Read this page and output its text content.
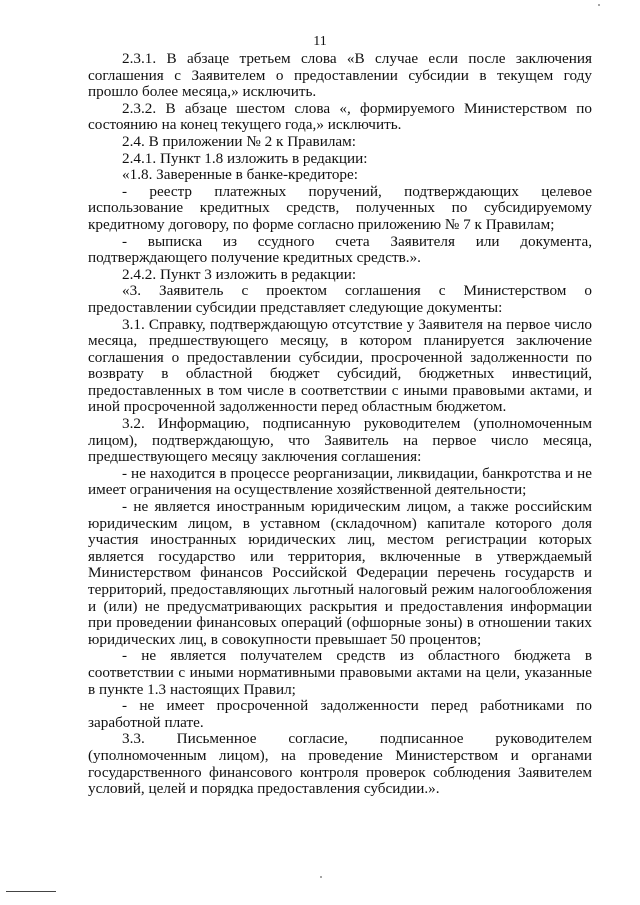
11

2.3.1. В абзаце третьем слова «В случае если после заключения соглашения с Заявителем о предоставлении субсидии в текущем году прошло более месяца,» исключить.

2.3.2. В абзаце шестом слова «, формируемого Министерством по состоянию на конец текущего года,» исключить.

2.4. В приложении № 2 к Правилам:

2.4.1. Пункт 1.8 изложить в редакции:

«1.8. Заверенные в банке-кредиторе:

- реестр платежных поручений, подтверждающих целевое использование кредитных средств, полученных по субсидируемому кредитному договору, по форме согласно приложению № 7 к Правилам;

- выписка из ссудного счета Заявителя или документа, подтверждающего получение кредитных средств.».

2.4.2. Пункт 3 изложить в редакции:

«3. Заявитель с проектом соглашения с Министерством о предоставлении субсидии представляет следующие документы:

3.1. Справку, подтверждающую отсутствие у Заявителя на первое число месяца, предшествующего месяцу, в котором планируется заключение соглашения о предоставлении субсидии, просроченной задолженности по возврату в областной бюджет субсидий, бюджетных инвестиций, предоставленных в том числе в соответствии с иными правовыми актами, и иной просроченной задолженности перед областным бюджетом.

3.2. Информацию, подписанную руководителем (уполномоченным лицом), подтверждающую, что Заявитель на первое число месяца, предшествующего месяцу заключения соглашения:

- не находится в процессе реорганизации, ликвидации, банкротства и не имеет ограничения на осуществление хозяйственной деятельности;

- не является иностранным юридическим лицом, а также российским юридическим лицом, в уставном (складочном) капитале которого доля участия иностранных юридических лиц, местом регистрации которых является государство или территория, включенные в утверждаемый Министерством финансов Российской Федерации перечень государств и территорий, предоставляющих льготный налоговый режим налогообложения и (или) не предусматривающих раскрытия и предоставления информации при проведении финансовых операций (офшорные зоны) в отношении таких юридических лиц, в совокупности превышает 50 процентов;

- не является получателем средств из областного бюджета в соответствии с иными нормативными правовыми актами на цели, указанные в пункте 1.3 настоящих Правил;

- не имеет просроченной задолженности перед работниками по заработной плате.

3.3. Письменное согласие, подписанное руководителем (уполномоченным лицом), на проведение Министерством и органами государственного финансового контроля проверок соблюдения Заявителем условий, целей и порядка предоставления субсидии.».
